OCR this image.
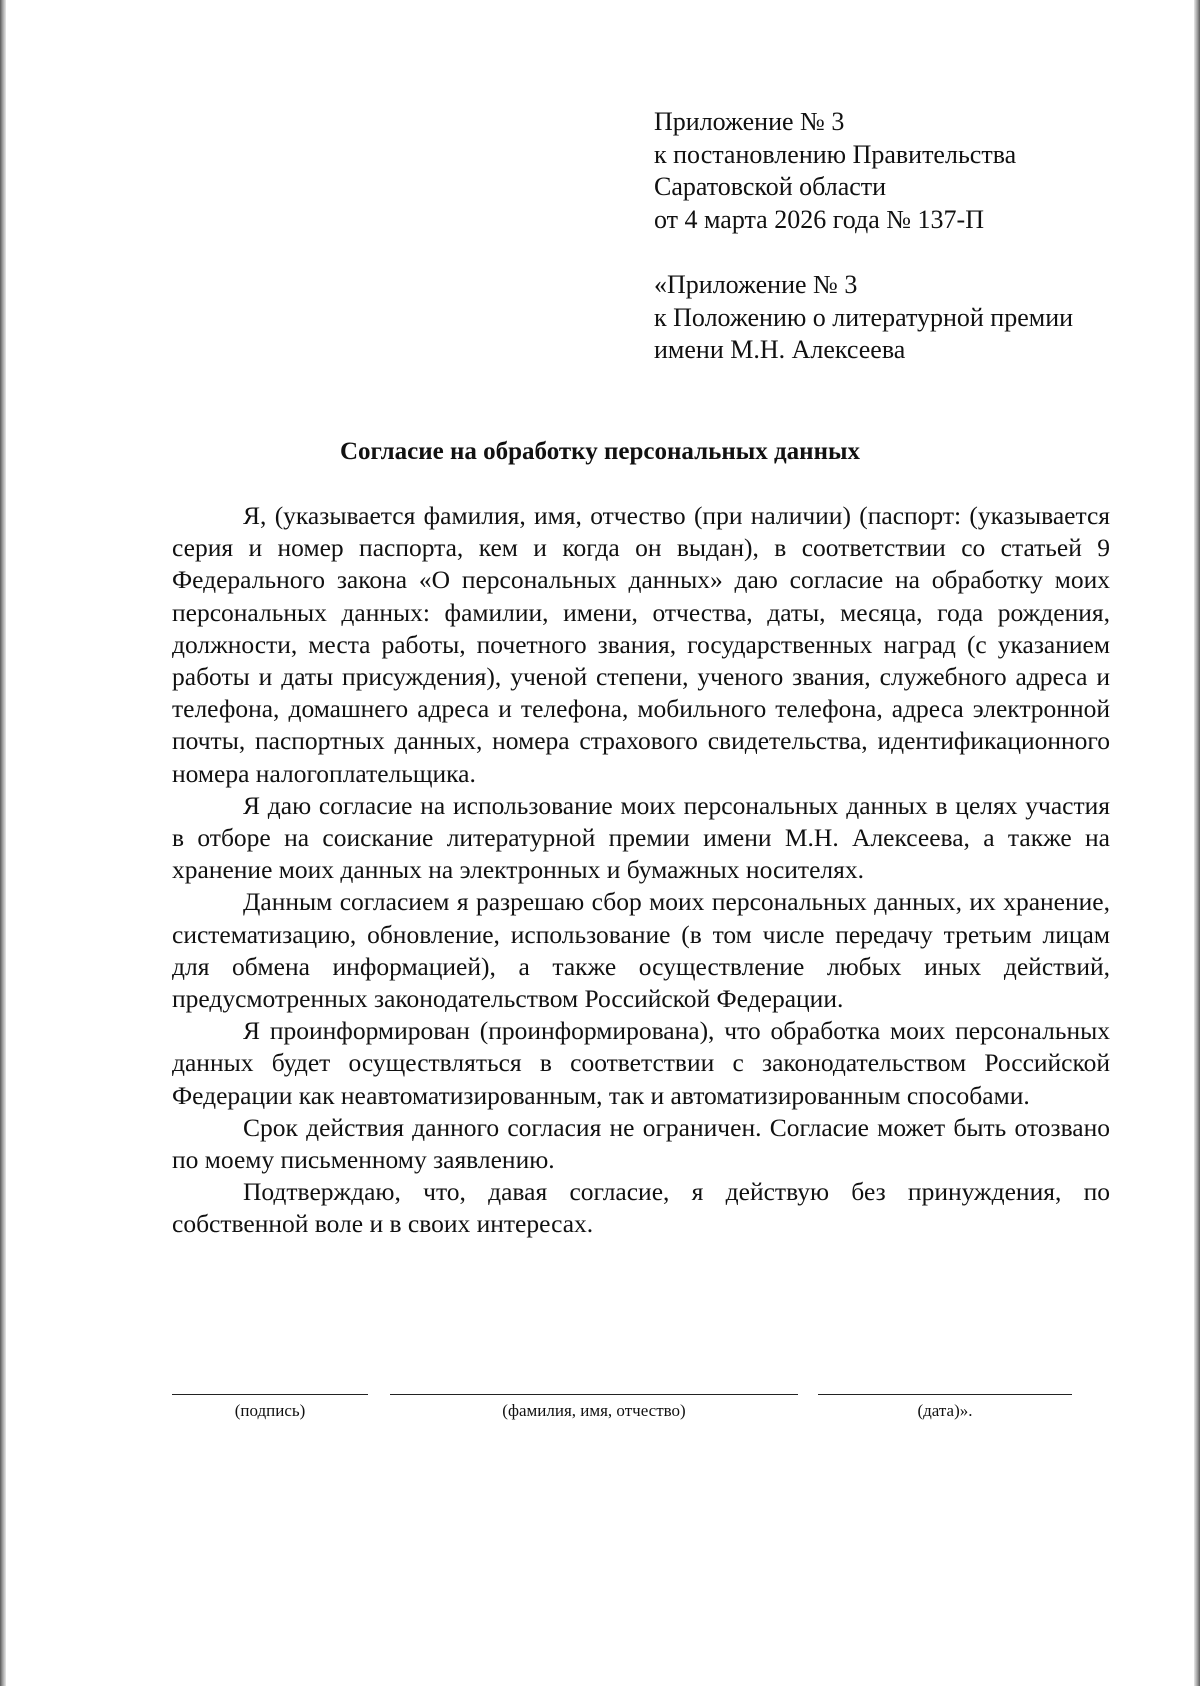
Приложение № 3
к постановлению Правительства
Саратовской области
от 4 марта 2026 года № 137-П
«Приложение № 3
к Положению о литературной премии
имени М.Н. Алексеева
Согласие на обработку персональных данных

Я, (указывается фамилия, имя, отчество (при наличии) (паспорт: (указывается серия и номер паспорта, кем и когда он выдан), в соответствии со статьей 9 Федерального закона «О персональных данных» даю согласие на обработку моих персональных данных: фамилии, имени, отчества, даты, месяца, года рождения, должности, места работы, почетного звания, государственных наград (с указанием работы и даты присуждения), ученой степени, ученого звания, служебного адреса и телефона, домашнего адреса и телефона, мобильного телефона, адреса электронной почты, паспортных данных, номера страхового свидетельства, идентификационного номера налогоплательщика.

Я даю согласие на использование моих персональных данных в целях участия в отборе на соискание литературной премии имени М.Н. Алексеева, а также на хранение моих данных на электронных и бумажных носителях.

Данным согласием я разрешаю сбор моих персональных данных, их хранение, систематизацию, обновление, использование (в том числе передачу третьим лицам для обмена информацией), а также осуществление любых иных действий, предусмотренных законодательством Российской Федерации.

Я проинформирован (проинформирована), что обработка моих персональных данных будет осуществляться в соответствии с законодательством Российской Федерации как неавтоматизированным, так и автоматизированным способами.

Срок действия данного согласия не ограничен. Согласие может быть отозвано по моему письменному заявлению.

Подтверждаю, что, давая согласие, я действую без принуждения, по собственной воле и в своих интересах.

(подпись)	(фамилия, имя, отчество)	(дата)».
